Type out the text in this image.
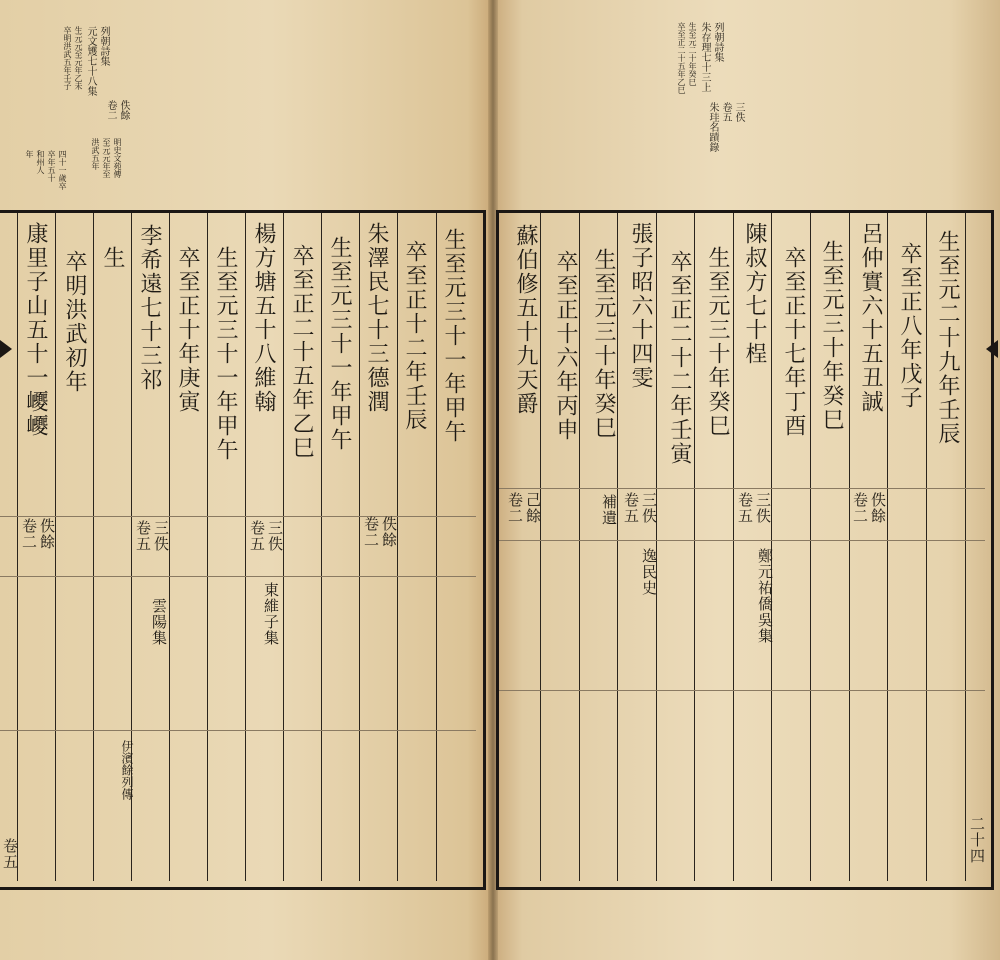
列朝詩集
元文矱七十八集
生元元至元年乙未
卒明洪武五年壬子
佚餘
卷二
明史文苑傳
至元元年至
洪武五年
四十一歲卒
卒年五十
和州人
年
列朝詩集
朱存理七十三上
生至元二十年癸巳
卒至正二十五年乙巳
三佚
卷五
朱珪名蹟錄
生至元三十一年甲午
卒至正十二年壬辰
朱澤民七十三德潤
佚餘
卷二
生至元三十一年甲午
卒至正二十五年乙巳
楊方塘五十八維翰
三佚
卷五
東維子集
生至元三十一年甲午
卒至正十年庚寅
李希遠七十三祁
三佚
卷五
雲陽集
生
伊濱餘列傳
卒明洪武初年
康里子山五十一巎巎
佚餘
卷二
卷五
生至元二十九年壬辰
卒至正八年戊子
呂仲實六十五丑誠
佚餘
卷二
生至元三十年癸巳
卒至正十七年丁酉
陳叔方七十桯
三佚
卷五
鄭元祐僑吳集
生至元三十年癸巳
卒至正二十二年壬寅
張子昭六十四雯
三佚
卷五
逸民史
生至元三十年癸巳
補遺
卒至正十六年丙申
蘇伯修五十九天爵
己餘
卷二
二十四
